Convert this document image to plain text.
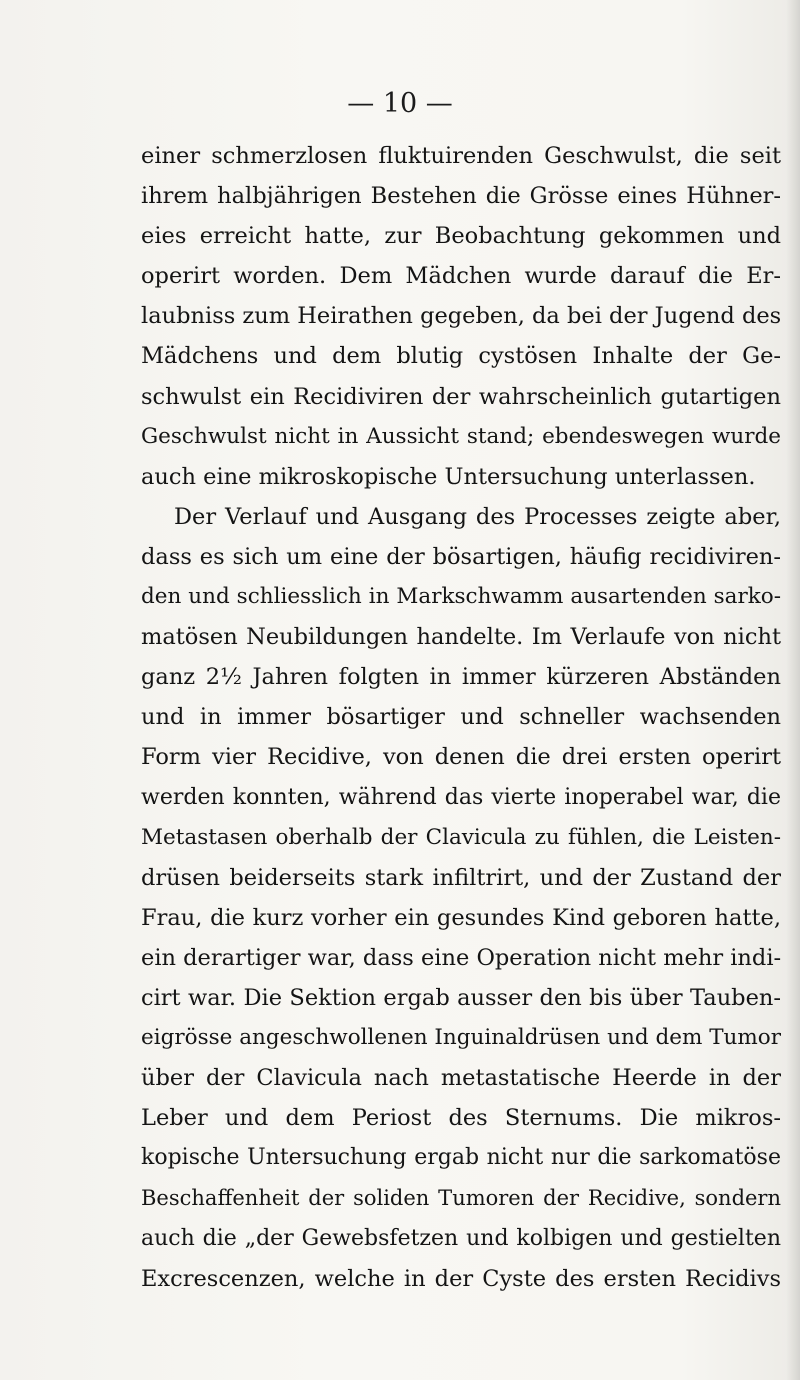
— 10 —
einer schmerzlosen fluktuirenden Geschwulst, die seit
ihrem halbjährigen Bestehen die Grösse eines Hühner-
eies erreicht hatte, zur Beobachtung gekommen und
operirt worden. Dem Mädchen wurde darauf die Er-
laubniss zum Heirathen gegeben, da bei der Jugend des
Mädchens und dem blutig cystösen Inhalte der Ge-
schwulst ein Recidiviren der wahrscheinlich gutartigen
Geschwulst nicht in Aussicht stand; ebendeswegen wurde
auch eine mikroskopische Untersuchung unterlassen.
Der Verlauf und Ausgang des Processes zeigte aber,
dass es sich um eine der bösartigen, häufig recidiviren-
den und schliesslich in Markschwamm ausartenden sarko-
matösen Neubildungen handelte. Im Verlaufe von nicht
ganz 2½ Jahren folgten in immer kürzeren Abständen
und in immer bösartiger und schneller wachsenden
Form vier Recidive, von denen die drei ersten operirt
werden konnten, während das vierte inoperabel war, die
Metastasen oberhalb der Clavicula zu fühlen, die Leisten-
drüsen beiderseits stark infiltrirt, und der Zustand der
Frau, die kurz vorher ein gesundes Kind geboren hatte,
ein derartiger war, dass eine Operation nicht mehr indi-
cirt war. Die Sektion ergab ausser den bis über Tauben-
eigrösse angeschwollenen Inguinaldrüsen und dem Tumor
über der Clavicula nach metastatische Heerde in der
Leber und dem Periost des Sternums. Die mikros-
kopische Untersuchung ergab nicht nur die sarkomatöse
Beschaffenheit der soliden Tumoren der Recidive, sondern
auch die „der Gewebsfetzen und kolbigen und gestielten
Excrescenzen, welche in der Cyste des ersten Recidivs
